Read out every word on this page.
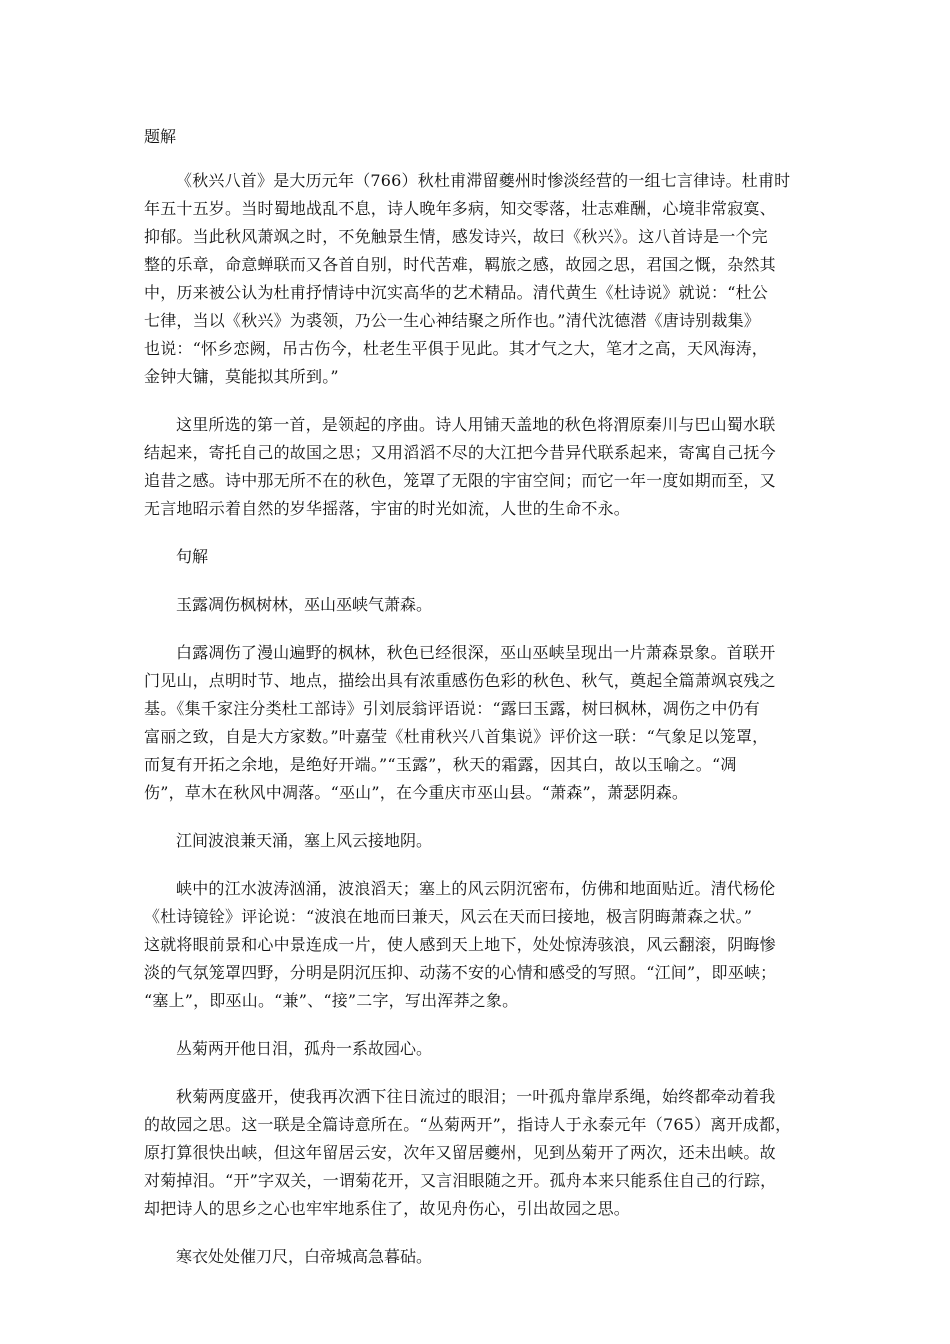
题解
《秋兴八首》是大历元年（766）秋杜甫滞留夔州时惨淡经营的一组七言律诗。杜甫时
年五十五岁。当时蜀地战乱不息，诗人晚年多病，知交零落，壮志难酬，心境非常寂寞、
抑郁。当此秋风萧飒之时，不免触景生情，感发诗兴，故曰《秋兴》。这八首诗是一个完
整的乐章，命意蝉联而又各首自别，时代苦难，羁旅之感，故园之思，君国之慨，杂然其
中，历来被公认为杜甫抒情诗中沉实高华的艺术精品。清代黄生《杜诗说》就说：“杜公
七律，当以《秋兴》为裘领，乃公一生心神结聚之所作也。”清代沈德潜《唐诗别裁集》
也说：“怀乡恋阙，吊古伤今，杜老生平俱于见此。其才气之大，笔才之高，天风海涛，
金钟大镛，莫能拟其所到。”
这里所选的第一首，是领起的序曲。诗人用铺天盖地的秋色将渭原秦川与巴山蜀水联
结起来，寄托自己的故国之思；又用滔滔不尽的大江把今昔异代联系起来，寄寓自己抚今
追昔之感。诗中那无所不在的秋色，笼罩了无限的宇宙空间；而它一年一度如期而至，又
无言地昭示着自然的岁华摇落，宇宙的时光如流，人世的生命不永。
句解
玉露凋伤枫树林，巫山巫峡气萧森。
白露凋伤了漫山遍野的枫林，秋色已经很深，巫山巫峡呈现出一片萧森景象。首联开
门见山，点明时节、地点，描绘出具有浓重感伤色彩的秋色、秋气，奠起全篇萧飒哀残之
基。《集千家注分类杜工部诗》引刘辰翁评语说：“露曰玉露，树曰枫林，凋伤之中仍有
富丽之致，自是大方家数。”叶嘉莹《杜甫秋兴八首集说》评价这一联：“气象足以笼罩，
而复有开拓之余地，是绝好开端。”“玉露”，秋天的霜露，因其白，故以玉喻之。“凋
伤”，草木在秋风中凋落。“巫山”，在今重庆市巫山县。“萧森”，萧瑟阴森。
江间波浪兼天涌，塞上风云接地阴。
峡中的江水波涛汹涌，波浪滔天；塞上的风云阴沉密布，仿佛和地面贴近。清代杨伦
《杜诗镜铨》评论说：“波浪在地而曰兼天，风云在天而曰接地，极言阴晦萧森之状。”
这就将眼前景和心中景连成一片，使人感到天上地下，处处惊涛骇浪，风云翻滚，阴晦惨
淡的气氛笼罩四野，分明是阴沉压抑、动荡不安的心情和感受的写照。“江间”，即巫峡；
“塞上”，即巫山。“兼”、“接”二字，写出浑莽之象。
丛菊两开他日泪，孤舟一系故园心。
秋菊两度盛开，使我再次洒下往日流过的眼泪；一叶孤舟靠岸系绳，始终都牵动着我
的故园之思。这一联是全篇诗意所在。“丛菊两开”，指诗人于永泰元年（765）离开成都，
原打算很快出峡，但这年留居云安，次年又留居夔州，见到丛菊开了两次，还未出峡。故
对菊掉泪。“开”字双关，一谓菊花开，又言泪眼随之开。孤舟本来只能系住自己的行踪，
却把诗人的思乡之心也牢牢地系住了，故见舟伤心，引出故园之思。
寒衣处处催刀尺，白帝城高急暮砧。
